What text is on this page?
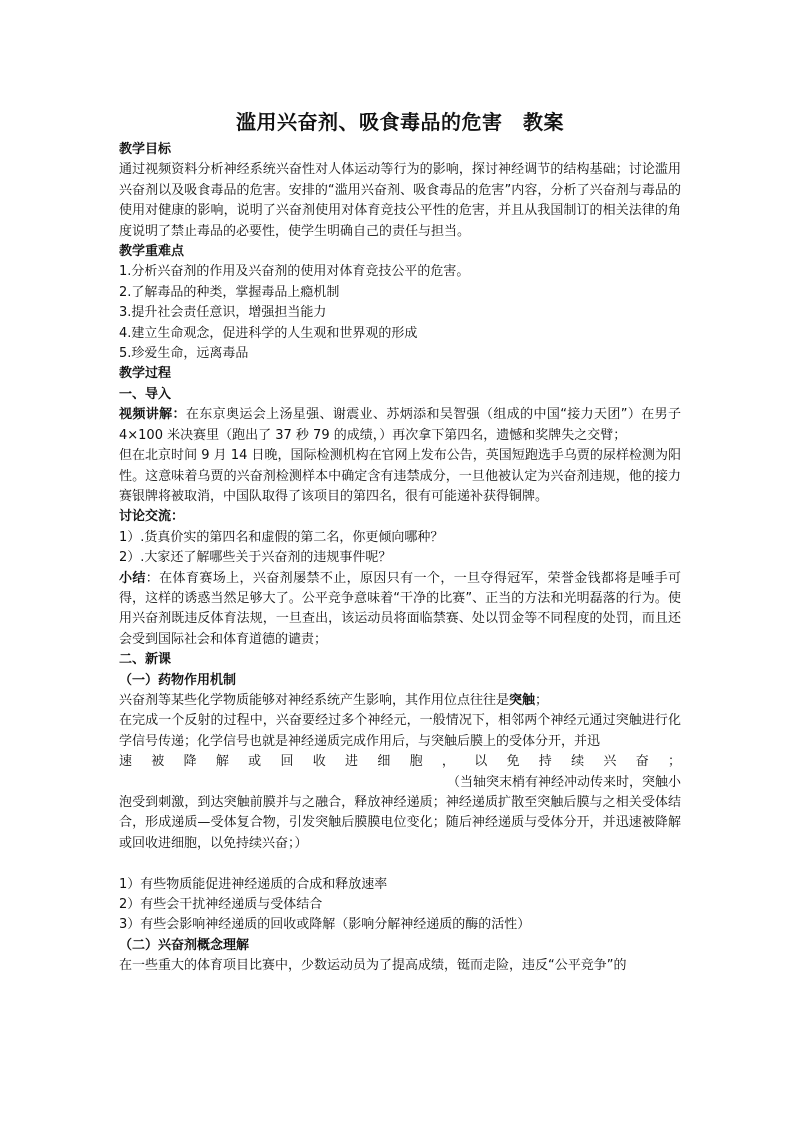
滥用兴奋剂、吸食毒品的危害　教案

教学目标

通过视频资料分析神经系统兴奋性对人体运动等行为的影响，探讨神经调节的结构基础；讨论滥用兴奋剂以及吸食毒品的危害。安排的“滥用兴奋剂、吸食毒品的危害”内容，分析了兴奋剂与毒品的使用对健康的影响，说明了兴奋剂使用对体育竞技公平性的危害，并且从我国制订的相关法律的角度说明了禁止毒品的必要性，使学生明确自己的责任与担当。

教学重难点

1.分析兴奋剂的作用及兴奋剂的使用对体育竞技公平的危害。

2.了解毒品的种类，掌握毒品上瘾机制

3.提升社会责任意识，增强担当能力

4.建立生命观念，促进科学的人生观和世界观的形成

5.珍爱生命，远离毒品

教学过程

一、导入

视频讲解：在东京奥运会上汤星强、谢震业、苏炳添和吴智强（组成的中国“接力天团”）在男子 4×100 米决赛里（跑出了 37 秒 79 的成绩，）再次拿下第四名，遗憾和奖牌失之交臂；

但在北京时间 9 月 14 日晚，国际检测机构在官网上发布公告，英国短跑选手乌贾的尿样检测为阳性。这意味着乌贾的兴奋剂检测样本中确定含有违禁成分，一旦他被认定为兴奋剂违规，他的接力赛银牌将被取消，中国队取得了该项目的第四名，很有可能递补获得铜牌。

讨论交流：

1）.货真价实的第四名和虚假的第二名，你更倾向哪种？

2）.大家还了解哪些关于兴奋剂的违规事件呢？

小结：在体育赛场上，兴奋剂屡禁不止，原因只有一个，一旦夺得冠军，荣誉金钱都将是唾手可得，这样的诱惑当然足够大了。公平竞争意味着“干净的比赛”、正当的方法和光明磊落的行为。使用兴奋剂既违反体育法规，一旦查出，该运动员将面临禁赛、处以罚金等不同程度的处罚，而且还会受到国际社会和体育道德的谴责；

二、新课

（一）药物作用机制

兴奋剂等某些化学物质能够对神经系统产生影响，其作用位点往往是突触；

在完成一个反射的过程中，兴奋要经过多个神经元，一般情况下，相邻两个神经元通过突触进行化学信号传递；化学信号也就是神经递质完成作用后，与突触后膜上的受体分开，并迅

速被降解或回收进细胞，以免持续兴奋；

（当轴突末梢有神经冲动传来时，突触小

泡受到刺激，到达突触前膜并与之融合，释放神经递质；神经递质扩散至突触后膜与之相关受体结合，形成递质—受体复合物，引发突触后膜膜电位变化；随后神经递质与受体分开，并迅速被降解或回收进细胞，以免持续兴奋；）

1）有些物质能促进神经递质的合成和释放速率

2）有些会干扰神经递质与受体结合

3）有些会影响神经递质的回收或降解（影响分解神经递质的酶的活性）

（二）兴奋剂概念理解

在一些重大的体育项目比赛中，少数运动员为了提高成绩，铤而走险，违反“公平竞争”的
